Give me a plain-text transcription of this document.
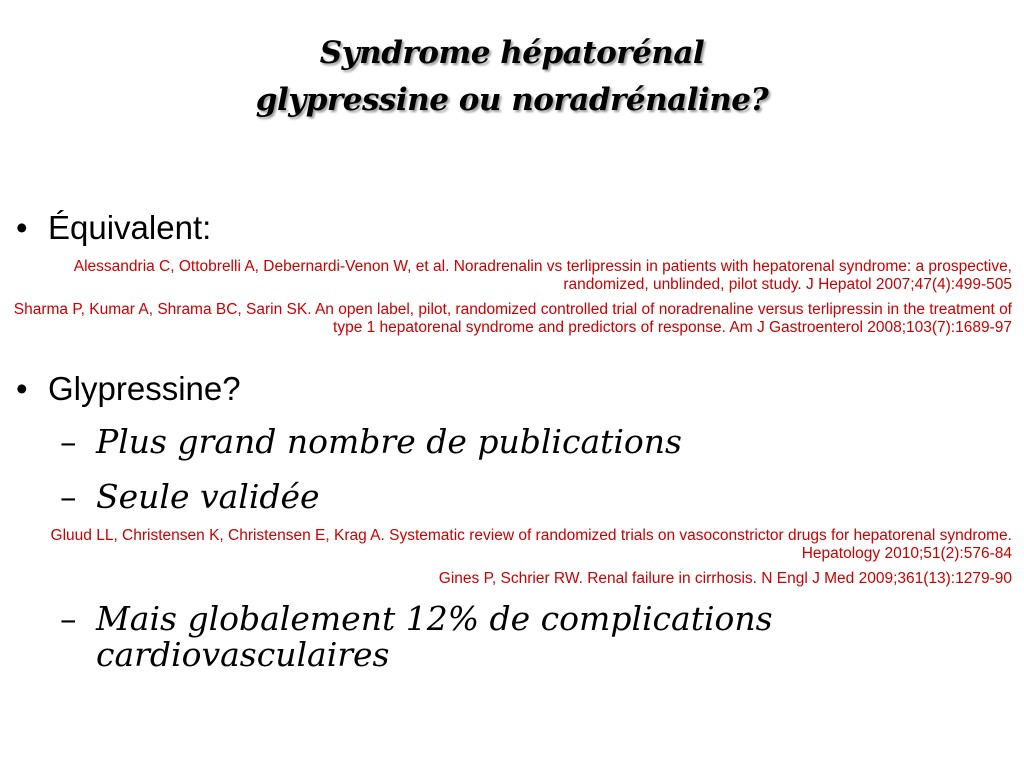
Syndrome hépatorénal
glypressine ou noradrénaline?
• Équivalent:
Alessandria C, Ottobrelli A, Debernardi-Venon W, et al. Noradrenalin vs terlipressin in patients with hepatorenal syndrome: a prospective, randomized, unblinded, pilot study. J Hepatol 2007;47(4):499-505
Sharma P, Kumar A, Shrama BC, Sarin SK. An open label, pilot, randomized controlled trial of noradrenaline versus terlipressin in the treatment of type 1 hepatorenal syndrome and predictors of response. Am J Gastroenterol 2008;103(7):1689-97
• Glypressine?
– Plus grand nombre de publications
– Seule validée
Gluud LL, Christensen K, Christensen E, Krag A. Systematic review of randomized trials on vasoconstrictor drugs for hepatorenal syndrome. Hepatology 2010;51(2):576-84
Gines P, Schrier RW. Renal failure in cirrhosis. N Engl J Med 2009;361(13):1279-90
– Mais globalement 12% de complications cardiovasculaires
